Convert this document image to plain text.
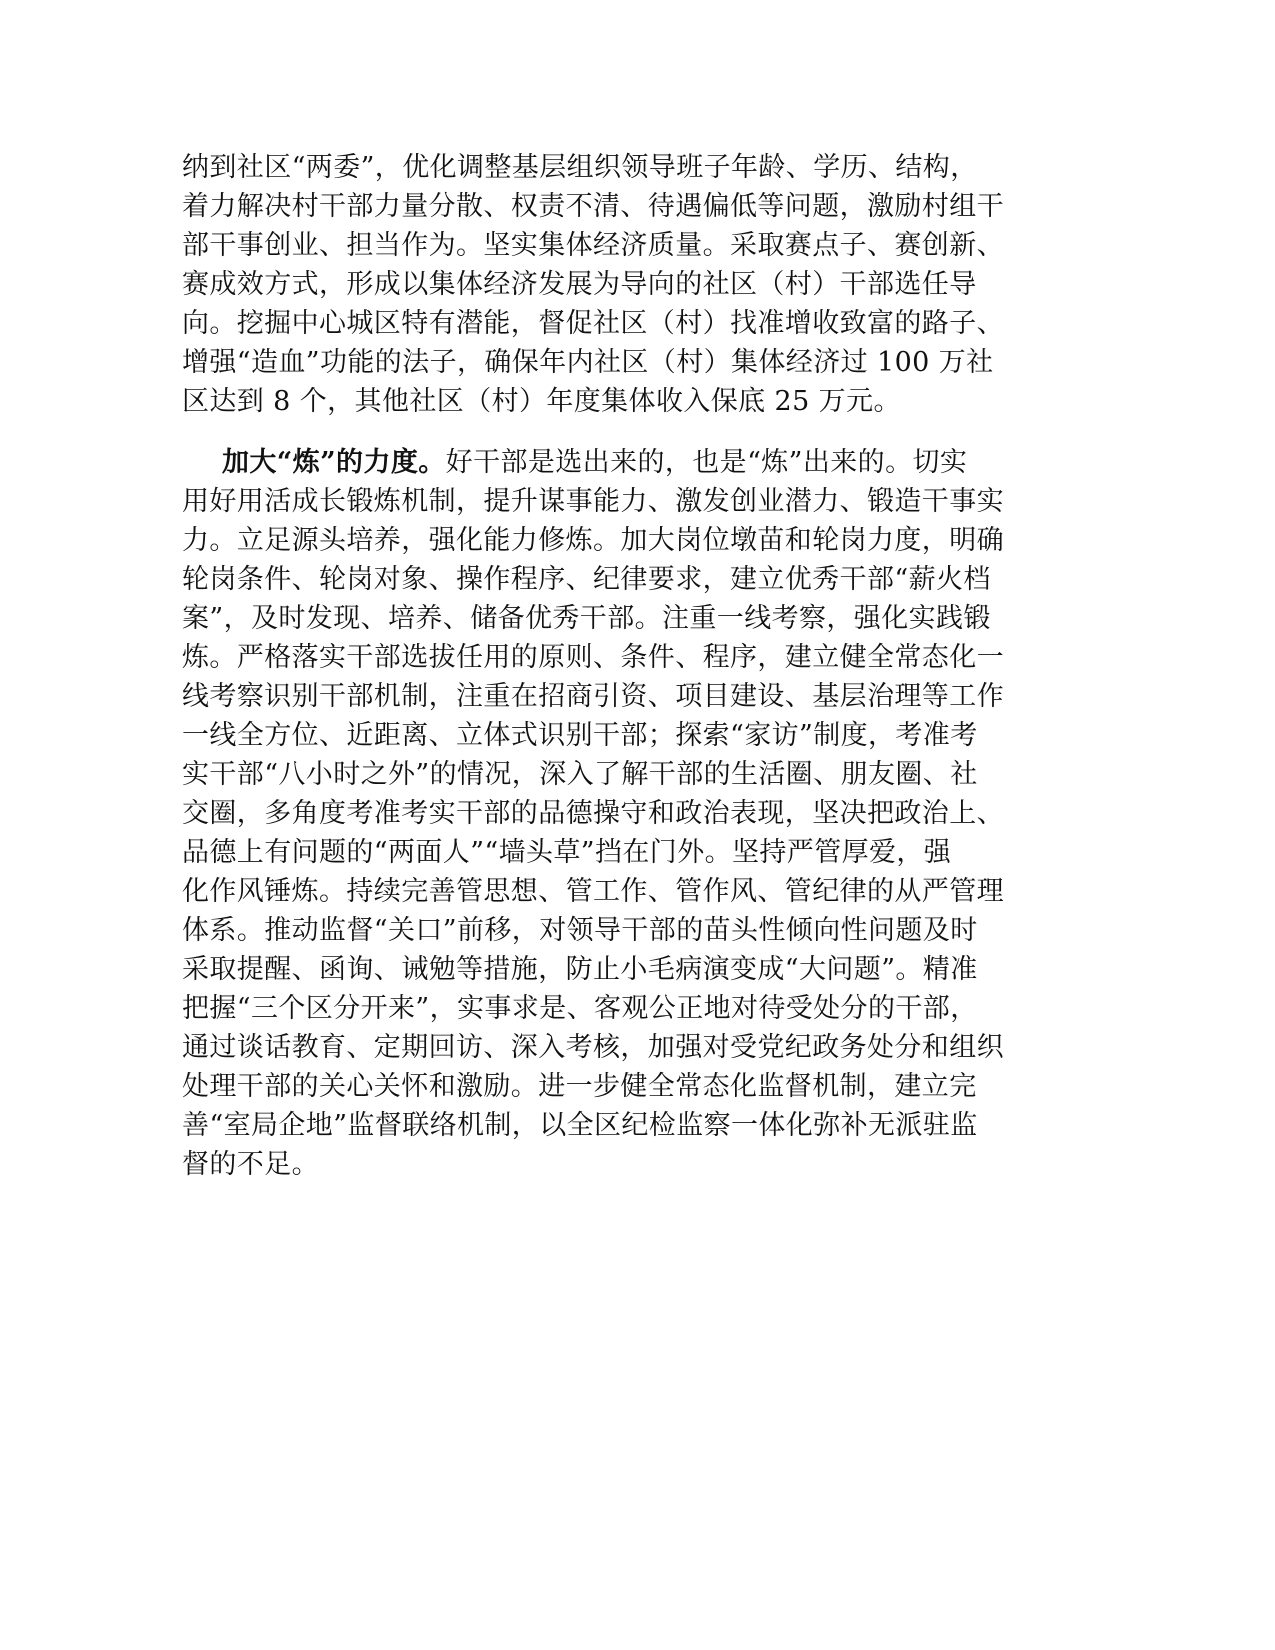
纳到社区“两委”，优化调整基层组织领导班子年龄、学历、结构，
着力解决村干部力量分散、权责不清、待遇偏低等问题，激励村组干
部干事创业、担当作为。坚实集体经济质量。采取赛点子、赛创新、
赛成效方式，形成以集体经济发展为导向的社区（村）干部选任导
向。挖掘中心城区特有潜能，督促社区（村）找准增收致富的路子、
增强“造血”功能的法子，确保年内社区（村）集体经济过 100 万社
区达到 8 个，其他社区（村）年度集体收入保底 25 万元。
加大“炼”的力度。好干部是选出来的，也是“炼”出来的。切实
用好用活成长锻炼机制，提升谋事能力、激发创业潜力、锻造干事实
力。立足源头培养，强化能力修炼。加大岗位墩苗和轮岗力度，明确
轮岗条件、轮岗对象、操作程序、纪律要求，建立优秀干部“薪火档
案”，及时发现、培养、储备优秀干部。注重一线考察，强化实践锻
炼。严格落实干部选拔任用的原则、条件、程序，建立健全常态化一
线考察识别干部机制，注重在招商引资、项目建设、基层治理等工作
一线全方位、近距离、立体式识别干部；探索“家访”制度，考准考
实干部“八小时之外”的情况，深入了解干部的生活圈、朋友圈、社
交圈，多角度考准考实干部的品德操守和政治表现，坚决把政治上、
品德上有问题的“两面人”“墙头草”挡在门外。坚持严管厚爱，强
化作风锤炼。持续完善管思想、管工作、管作风、管纪律的从严管理
体系。推动监督“关口”前移，对领导干部的苗头性倾向性问题及时
采取提醒、函询、诫勉等措施，防止小毛病演变成“大问题”。精准
把握“三个区分开来”，实事求是、客观公正地对待受处分的干部，
通过谈话教育、定期回访、深入考核，加强对受党纪政务处分和组织
处理干部的关心关怀和激励。进一步健全常态化监督机制，建立完
善“室局企地”监督联络机制，以全区纪检监察一体化弥补无派驻监
督的不足。
